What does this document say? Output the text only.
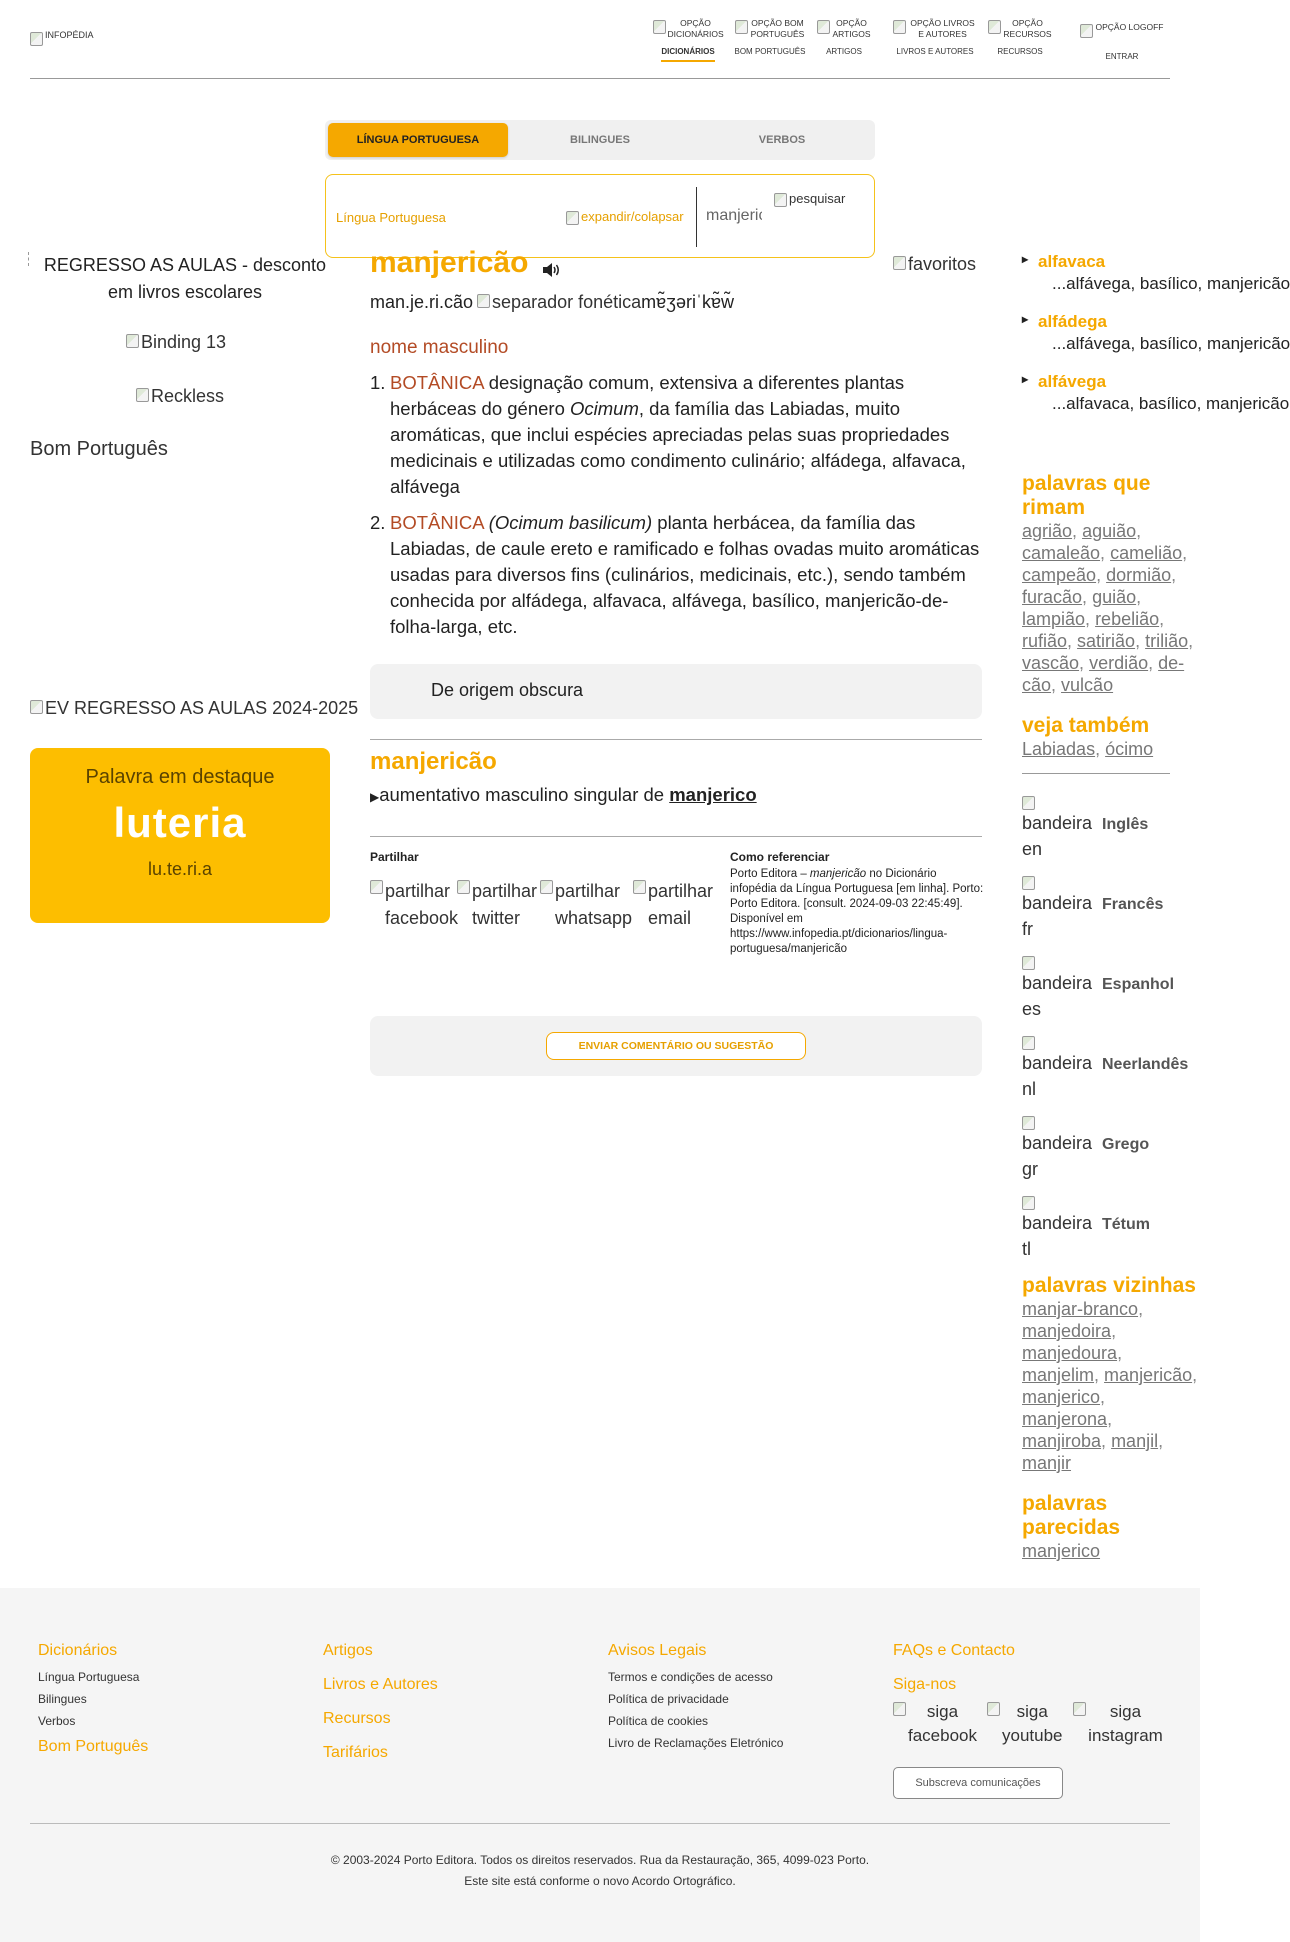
INFOPÉDIA
OPÇÃO DICIONÁRIOS
DICIONÁRIOS
OPÇÃO BOM PORTUGUÊS
BOM PORTUGUÊS
OPÇÃO ARTIGOS
ARTIGOS
OPÇÃO LIVROS E AUTORES
LIVROS E AUTORES
OPÇÃO RECURSOS
RECURSOS
OPÇÃO LOGOFF
ENTRAR
LÍNGUA PORTUGUESA	BILINGUES	VERBOS
Língua Portuguesa	expandir/colapsar
manjericão
pesquisar
REGRESSO AS AULAS - desconto em livros escolares
Binding 13
Reckless
Bom Português
EV REGRESSO AS AULAS 2024-2025
Palavra em destaque
luteria
lu.te.ri.a
manjericão	favoritos
man.je.ri.cão separador fonética mɐ̃ʒəriˈkɐ̃w̃
nome masculino
1. BOTÂNICA designação comum, extensiva a diferentes plantas herbáceas do género Ocimum, da família das Labiadas, muito aromáticas, que inclui espécies apreciadas pelas suas propriedades medicinais e utilizadas como condimento culinário; alfádega, alfavaca, alfávega
2. BOTÂNICA (Ocimum basilicum) planta herbácea, da família das Labiadas, de caule ereto e ramificado e folhas ovadas muito aromáticas usadas para diversos fins (culinários, medicinais, etc.), sendo também conhecida por alfádega, alfavaca, alfávega, basílico, manjericão-de-folha-larga, etc.
De origem obscura
manjericão
▶aumentativo masculino singular de manjerico
Partilhar
partilhar facebook
partilhar twitter
partilhar whatsapp
partilhar email
Como referenciar
Porto Editora – manjericão no Dicionário infopédia da Língua Portuguesa [em linha]. Porto: Porto Editora. [consult. 2024-09-03 22:45:49]. Disponível em https://www.infopedia.pt/dicionarios/lingua-portuguesa/manjericão
ENVIAR COMENTÁRIO OU SUGESTÃO
▸ alfavaca
...alfávega, basílico, manjericão
▸ alfádega
...alfávega, basílico, manjericão
▸ alfávega
...alfavaca, basílico, manjericão
palavras que rimam
agrião, aguião, camaleão, camelião, campeão, dormião, furacão, guião, lampião, rebelião, rufião, satirião, trilião, vascão, verdião, de-cão, vulcão
veja também
Labiadas, ócimo
bandeira en
Inglês
bandeira fr
Francês
bandeira es
Espanhol
bandeira nl
Neerlandês
bandeira gr
Grego
bandeira tl
Tétum
palavras vizinhas
manjar-branco, manjedoira, manjedoura, manjelim, manjericão, manjerico, manjerona, manjiroba, manjil, manjir
palavras parecidas
manjerico
Dicionários
Língua Portuguesa
Bilingues
Verbos
Bom Português
Artigos
Livros e Autores
Recursos
Tarifários
Avisos Legais
Termos e condições de acesso
Política de privacidade
Política de cookies
Livro de Reclamações Eletrónico
FAQs e Contacto
Siga-nos
siga facebook
siga youtube
siga instagram
Subscreva comunicações
© 2003-2024 Porto Editora. Todos os direitos reservados. Rua da Restauração, 365, 4099-023 Porto.
Este site está conforme o novo Acordo Ortográfico.
